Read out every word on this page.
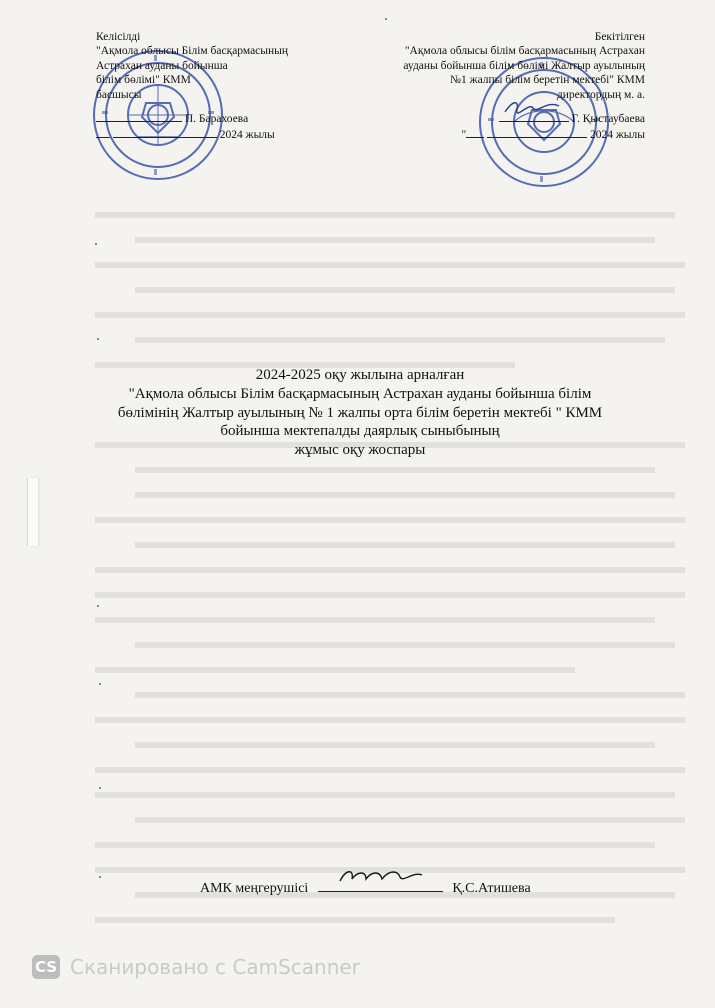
Келісілді
"Ақмола облысы Білім басқармасының
Астрахан ауданы бойынша
білім бөлімі" КММ
басшысы
П. Барахоева
2024 жылы
Бекітілген
"Ақмола облысы білім басқармасының Астрахан
ауданы бойынша білім бөлімі Жалтыр ауылының
№1 жалпы білім беретін мектебі" КММ
директордың м. а.
Г. Қыстаубаева
"	2024 жылы
2024-2025 оқу жылына арналған
"Ақмола облысы Білім басқармасының Астрахан ауданы бойынша білім
бөлімінің Жалтыр ауылының № 1 жалпы орта білім беретін мектебі " КММ
бойынша мектепалды даярлық сыныбының
жұмыс оқу жоспары
АМК меңгерушісі	Қ.С.Атишева
CS Сканировано с CamScanner
